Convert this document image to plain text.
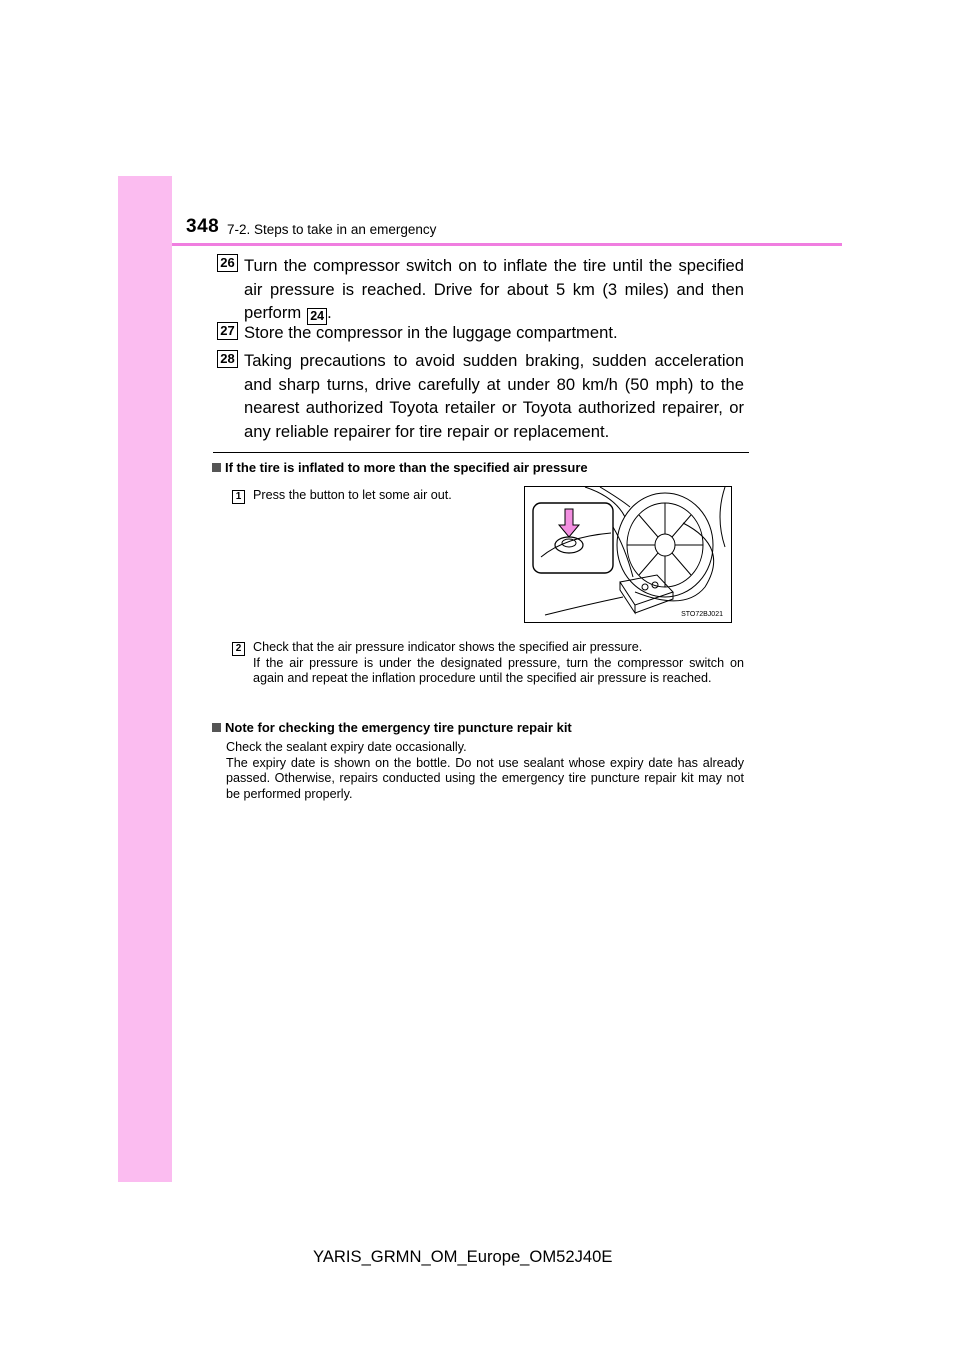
348 7-2. Steps to take in an emergency
26 Turn the compressor switch on to inflate the tire until the specified air pressure is reached. Drive for about 5 km (3 miles) and then perform 24 .
27 Store the compressor in the luggage compartment.
28 Taking precautions to avoid sudden braking, sudden acceleration and sharp turns, drive carefully at under 80 km/h (50 mph) to the nearest authorized Toyota retailer or Toyota authorized repairer, or any reliable repairer for tire repair or replacement.
If the tire is inflated to more than the specified air pressure
1 Press the button to let some air out.
STO72BJ021
2 Check that the air pressure indicator shows the specified air pressure.
If the air pressure is under the designated pressure, turn the compressor switch on again and repeat the inflation procedure until the specified air pressure is reached.
Note for checking the emergency tire puncture repair kit
Check the sealant expiry date occasionally.
The expiry date is shown on the bottle. Do not use sealant whose expiry date has already passed. Otherwise, repairs conducted using the emergency tire puncture repair kit may not be performed properly.
YARIS_GRMN_OM_Europe_OM52J40E
